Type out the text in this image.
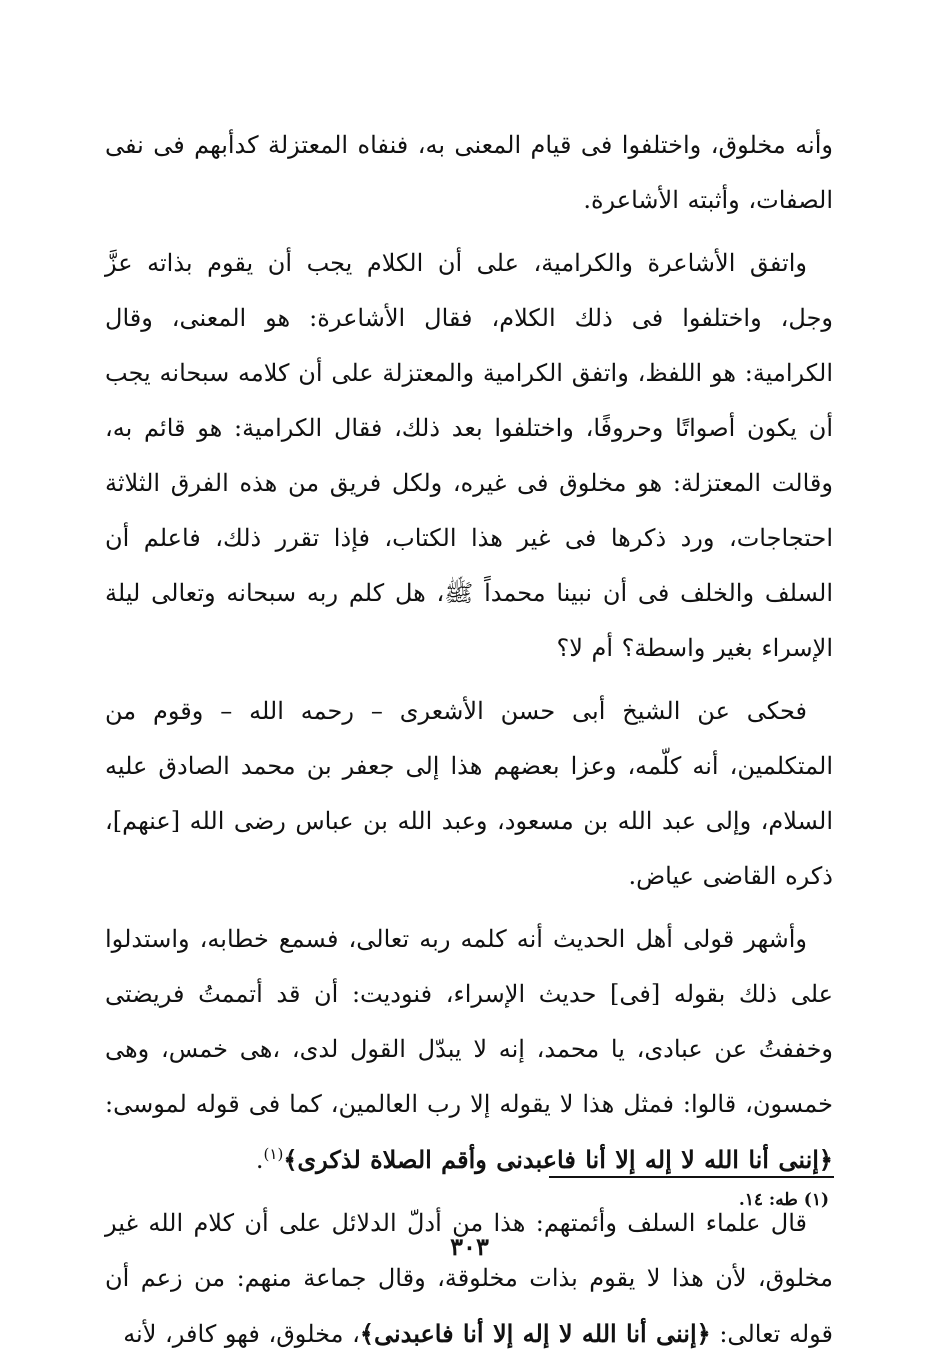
وأنه مخلوق، واختلفوا فى قيام المعنى به، فنفاه المعتزلة كدأبهم فى نفى الصفات، وأثبته الأشاعرة.

واتفق الأشاعرة والكرامية، على أن الكلام يجب أن يقوم بذاته عزَّ وجل، واختلفوا فى ذلك الكلام، فقال الأشاعرة: هو المعنى، وقال الكرامية: هو اللفظ، واتفق الكرامية والمعتزلة على أن كلامه سبحانه يجب أن يكون أصواتًا وحروفًا، واختلفوا بعد ذلك، فقال الكرامية: هو قائم به، وقالت المعتزلة: هو مخلوق فى غيره، ولكل فريق من هذه الفرق الثلاثة احتجاجات، ورد ذكرها فى غير هذا الكتاب، فإذا تقرر ذلك، فاعلم أن السلف والخلف فى أن نبينا محمداً ﷺ، هل كلم ربه سبحانه وتعالى ليلة الإسراء بغير واسطة؟ أم لا؟

فحكى عن الشيخ أبى حسن الأشعرى – رحمه الله – وقوم من المتكلمين، أنه كلّمه، وعزا بعضهم هذا إلى جعفر بن محمد الصادق عليه السلام، وإلى عبد الله بن مسعود، وعبد الله بن عباس رضى الله [عنهم]، ذكره القاضى عياض.

وأشهر قولى أهل الحديث أنه كلمه ربه تعالى، فسمع خطابه، واستدلوا على ذلك بقوله [فى] حديث الإسراء، فنوديت: أن قد أتممتُ فريضتى وخففتُ عن عبادى، يا محمد، إنه لا يبدّل القول لدى، ،هى خمس، وهى خمسون، قالوا: فمثل هذا لا يقوله إلا رب العالمين، كما فى قوله لموسى: ﴿إننى أنا الله لا إله إلا أنا فاعبدنى وأقم الصلاة لذكرى﴾$^{(١)}$.

قال علماء السلف وأئمتهم: هذا من أدلّ الدلائل على أن كلام الله غير مخلوق، لأن هذا لا يقوم بذات مخلوقة، وقال جماعة منهم: من زعم أن قوله تعالى: ﴿إننى أنا الله لا إله إلا أنا فاعبدنى﴾، مخلوق، فهو كافر، لأنه

(١) طه: ١٤.
٣٠٣
